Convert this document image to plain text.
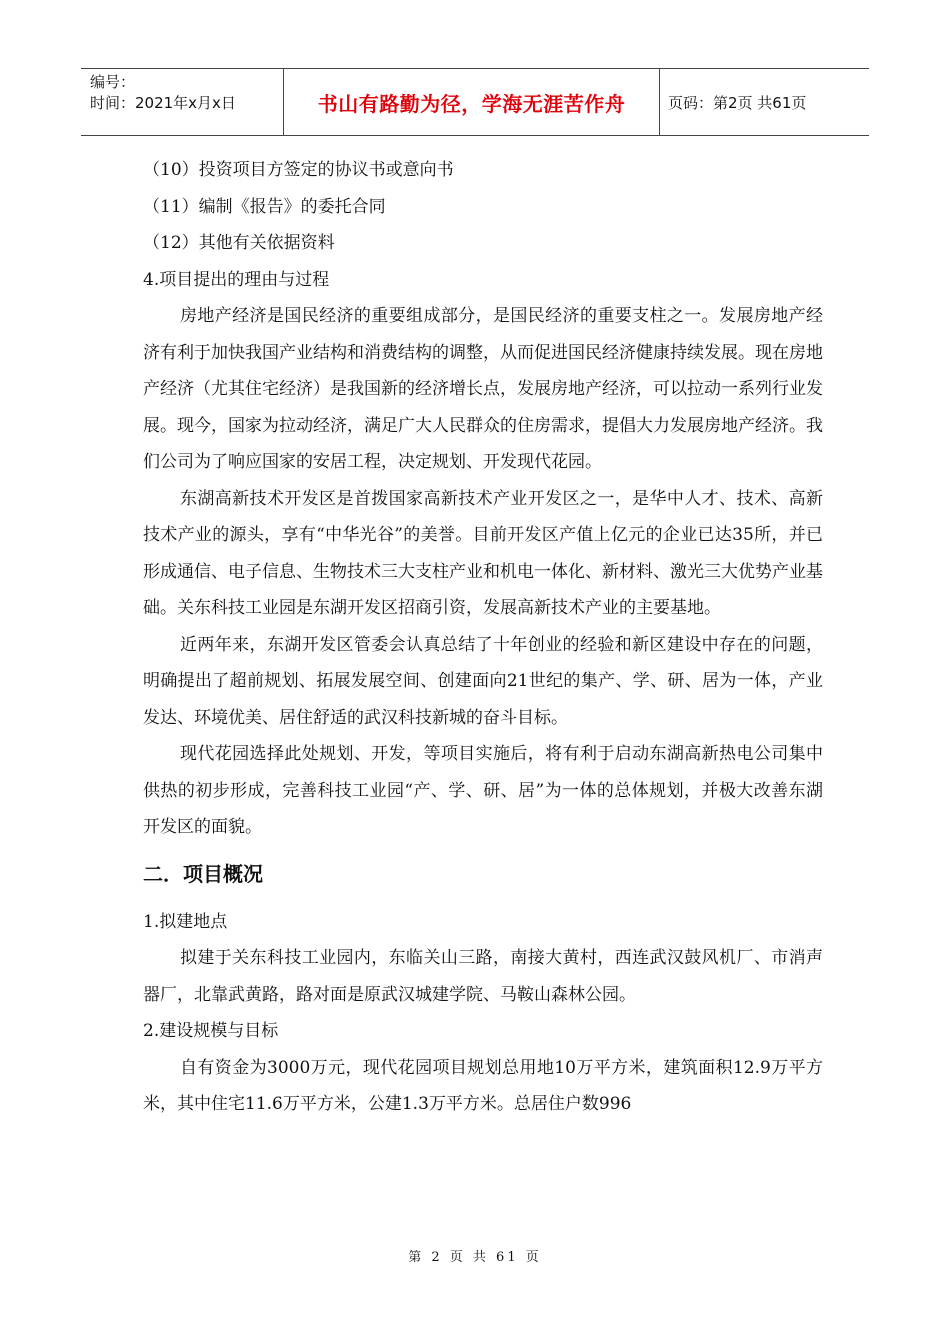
编号：
时间：2021年x月x日	书山有路勤为径，学海无涯苦作舟	页码：第2页 共61页
（10）投资项目方签定的协议书或意向书
（11）编制《报告》的委托合同
（12）其他有关依据资料
4.项目提出的理由与过程

房地产经济是国民经济的重要组成部分，是国民经济的重要支柱之一。发展房地产经济有利于加快我国产业结构和消费结构的调整，从而促进国民经济健康持续发展。现在房地产经济（尤其住宅经济）是我国新的经济增长点，发展房地产经济，可以拉动一系列行业发展。现今，国家为拉动经济，满足广大人民群众的住房需求，提倡大力发展房地产经济。我们公司为了响应国家的安居工程，决定规划、开发现代花园。

东湖高新技术开发区是首拨国家高新技术产业开发区之一，是华中人才、技术、高新技术产业的源头，享有“中华光谷”的美誉。目前开发区产值上亿元的企业已达35所，并已形成通信、电子信息、生物技术三大支柱产业和机电一体化、新材料、激光三大优势产业基础。关东科技工业园是东湖开发区招商引资，发展高新技术产业的主要基地。

近两年来，东湖开发区管委会认真总结了十年创业的经验和新区建设中存在的问题，明确提出了超前规划、拓展发展空间、创建面向21世纪的集产、学、研、居为一体，产业发达、环境优美、居住舒适的武汉科技新城的奋斗目标。

现代花园选择此处规划、开发，等项目实施后，将有利于启动东湖高新热电公司集中供热的初步形成，完善科技工业园“产、学、研、居”为一体的总体规划，并极大改善东湖开发区的面貌。

二．项目概况
1.拟建地点

拟建于关东科技工业园内，东临关山三路，南接大黄村，西连武汉鼓风机厂、市消声器厂，北靠武黄路，路对面是原武汉城建学院、马鞍山森林公园。

2.建设规模与目标

自有资金为3000万元，现代花园项目规划总用地10万平方米，建筑面积12.9万平方米，其中住宅11.6万平方米，公建1.3万平方米。总居住户数996

第 2 页 共 61 页
